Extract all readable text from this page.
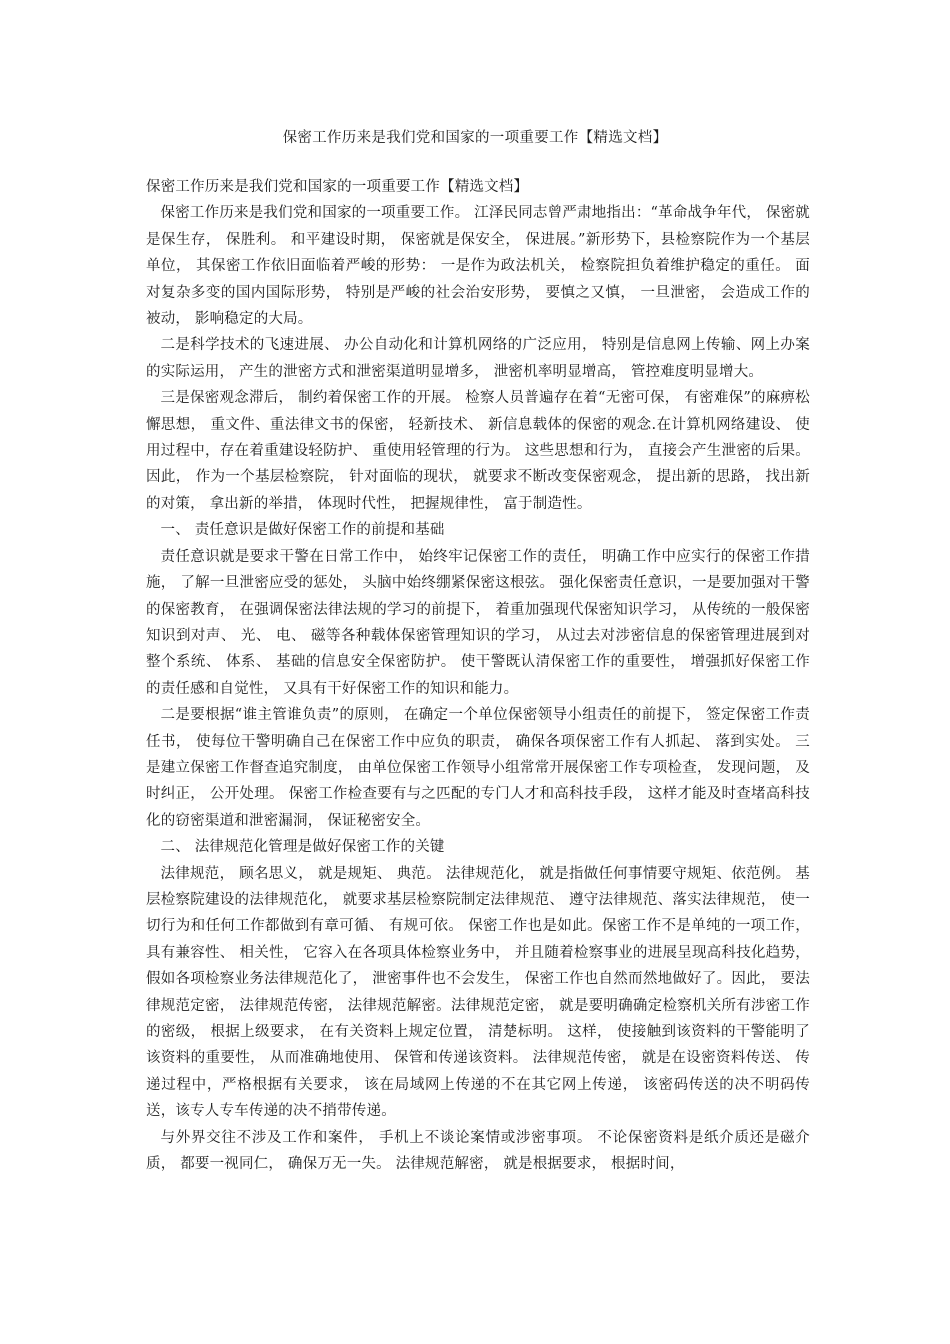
保密工作历来是我们党和国家的一项重要工作【精选文档】

保密工作历来是我们党和国家的一项重要工作【精选文档】

保密工作历来是我们党和国家的一项重要工作。 江泽民同志曾严肃地指出：“革命战争年代， 保密就是保生存， 保胜利。 和平建设时期， 保密就是保安全， 保进展。”新形势下，县检察院作为一个基层单位， 其保密工作依旧面临着严峻的形势： 一是作为政法机关， 检察院担负着维护稳定的重任。 面对复杂多变的国内国际形势， 特别是严峻的社会治安形势， 要慎之又慎， 一旦泄密， 会造成工作的被动， 影响稳定的大局。

二是科学技术的飞速进展、 办公自动化和计算机网络的广泛应用， 特别是信息网上传输、网上办案的实际运用， 产生的泄密方式和泄密渠道明显增多， 泄密机率明显增高， 管控难度明显增大。

三是保密观念滞后， 制约着保密工作的开展。 检察人员普遍存在着“无密可保， 有密难保”的麻痹松懈思想， 重文件、重法律文书的保密， 轻新技术、 新信息载体的保密的观念.在计算机网络建设、 使用过程中，存在着重建设轻防护、 重使用轻管理的行为。 这些思想和行为， 直接会产生泄密的后果。 因此， 作为一个基层检察院， 针对面临的现状， 就要求不断改变保密观念， 提出新的思路， 找出新的对策， 拿出新的举措， 体现时代性， 把握规律性， 富于制造性。

一、 责任意识是做好保密工作的前提和基础

责任意识就是要求干警在日常工作中， 始终牢记保密工作的责任， 明确工作中应实行的保密工作措施， 了解一旦泄密应受的惩处， 头脑中始终绷紧保密这根弦。 强化保密责任意识，一是要加强对干警的保密教育， 在强调保密法律法规的学习的前提下， 着重加强现代保密知识学习， 从传统的一般保密知识到对声、 光、 电、 磁等各种载体保密管理知识的学习， 从过去对涉密信息的保密管理进展到对整个系统、 体系、 基础的信息安全保密防护。 使干警既认清保密工作的重要性， 增强抓好保密工作的责任感和自觉性， 又具有干好保密工作的知识和能力。

二是要根据“谁主管谁负责”的原则， 在确定一个单位保密领导小组责任的前提下， 签定保密工作责任书， 使每位干警明确自己在保密工作中应负的职责， 确保各项保密工作有人抓起、 落到实处。 三是建立保密工作督查追究制度， 由单位保密工作领导小组常常开展保密工作专项检查， 发现问题， 及时纠正， 公开处理。 保密工作检查要有与之匹配的专门人才和高科技手段， 这样才能及时查堵高科技化的窃密渠道和泄密漏洞， 保证秘密安全。

二、 法律规范化管理是做好保密工作的关键

法律规范， 顾名思义， 就是规矩、 典范。 法律规范化， 就是指做任何事情要守规矩、依范例。 基层检察院建设的法律规范化， 就要求基层检察院制定法律规范、 遵守法律规范、落实法律规范， 使一切行为和任何工作都做到有章可循、 有规可依。 保密工作也是如此。保密工作不是单纯的一项工作，具有兼容性、 相关性， 它容入在各项具体检察业务中， 并且随着检察事业的进展呈现高科技化趋势， 假如各项检察业务法律规范化了， 泄密事件也不会发生， 保密工作也自然而然地做好了。因此， 要法律规范定密， 法律规范传密， 法律规范解密。法律规范定密， 就是要明确确定检察机关所有涉密工作的密级， 根据上级要求， 在有关资料上规定位置， 清楚标明。 这样， 使接触到该资料的干警能明了该资料的重要性， 从而准确地使用、 保管和传递该资料。 法律规范传密， 就是在设密资料传送、 传递过程中，严格根据有关要求， 该在局域网上传递的不在其它网上传递， 该密码传送的决不明码传送，该专人专车传递的决不捎带传递。

与外界交往不涉及工作和案件， 手机上不谈论案情或涉密事项。 不论保密资料是纸介质还是磁介质， 都要一视同仁， 确保万无一失。 法律规范解密， 就是根据要求， 根据时间，
